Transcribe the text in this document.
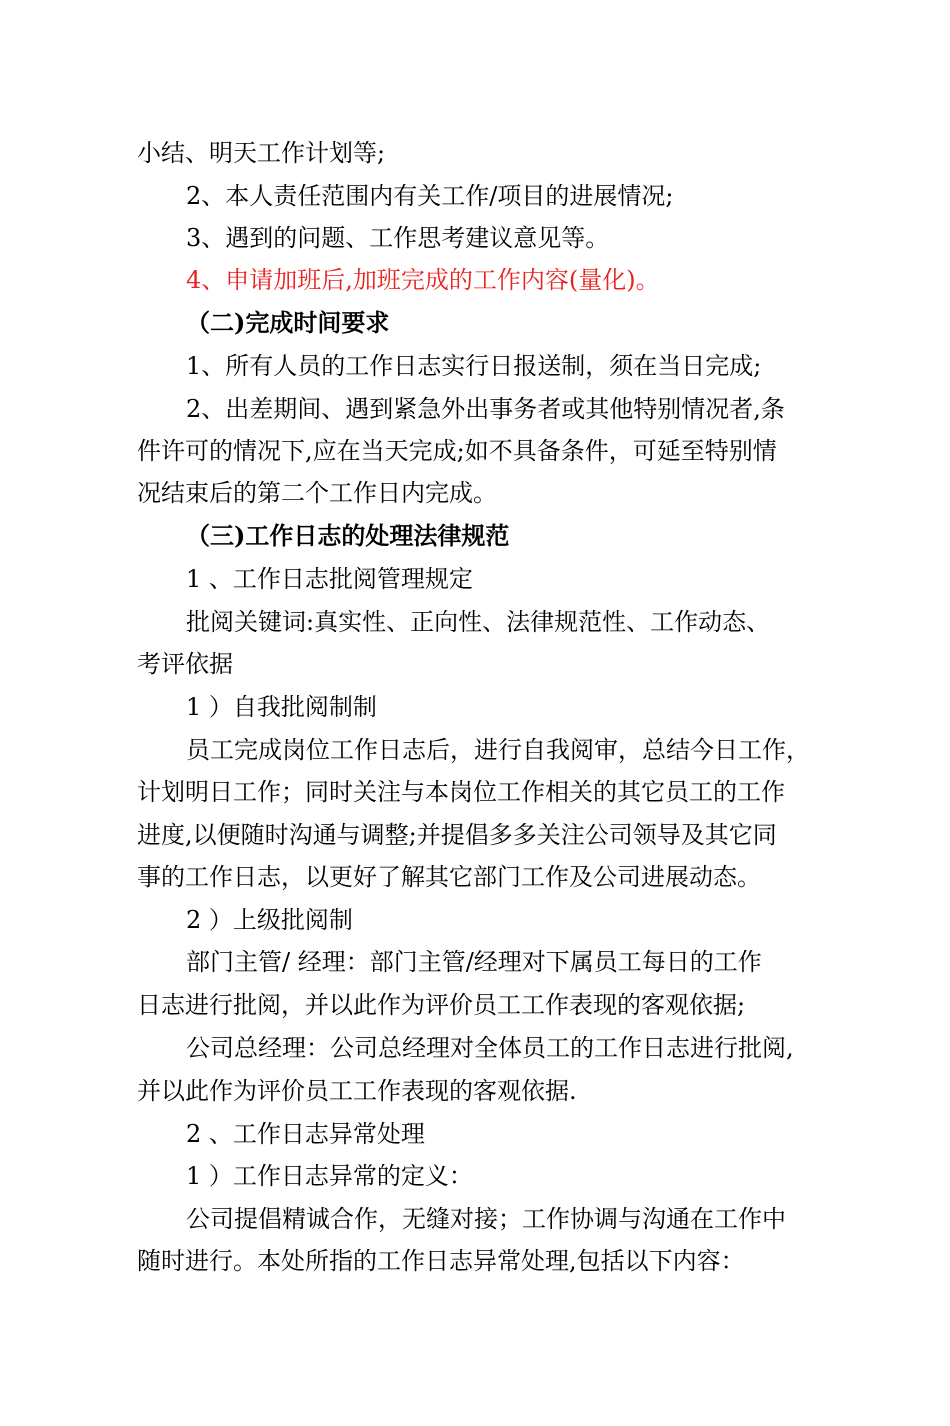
小结、明天工作计划等;
2、本人责任范围内有关工作/项目的进展情况;
3、遇到的问题、工作思考建议意见等。
4、申请加班后,加班完成的工作内容(量化)。
（二)完成时间要求
1、所有人员的工作日志实行日报送制，须在当日完成;
2、出差期间、遇到紧急外出事务者或其他特别情况者,条
件许可的情况下,应在当天完成;如不具备条件，可延至特别情
况结束后的第二个工作日内完成。
（三)工作日志的处理法律规范
1 、工作日志批阅管理规定
批阅关键词:真实性、正向性、法律规范性、工作动态、
考评依据
1 ）自我批阅制制
员工完成岗位工作日志后，进行自我阅审，总结今日工作，
计划明日工作；同时关注与本岗位工作相关的其它员工的工作
进度,以便随时沟通与调整;并提倡多多关注公司领导及其它同
事的工作日志，以更好了解其它部门工作及公司进展动态。
2 ）上级批阅制
部门主管/ 经理：部门主管/经理对下属员工每日的工作
日志进行批阅，并以此作为评价员工工作表现的客观依据;
公司总经理：公司总经理对全体员工的工作日志进行批阅,
并以此作为评价员工工作表现的客观依据.
2 、工作日志异常处理
1 ）工作日志异常的定义：
公司提倡精诚合作，无缝对接；工作协调与沟通在工作中
随时进行。本处所指的工作日志异常处理,包括以下内容：
